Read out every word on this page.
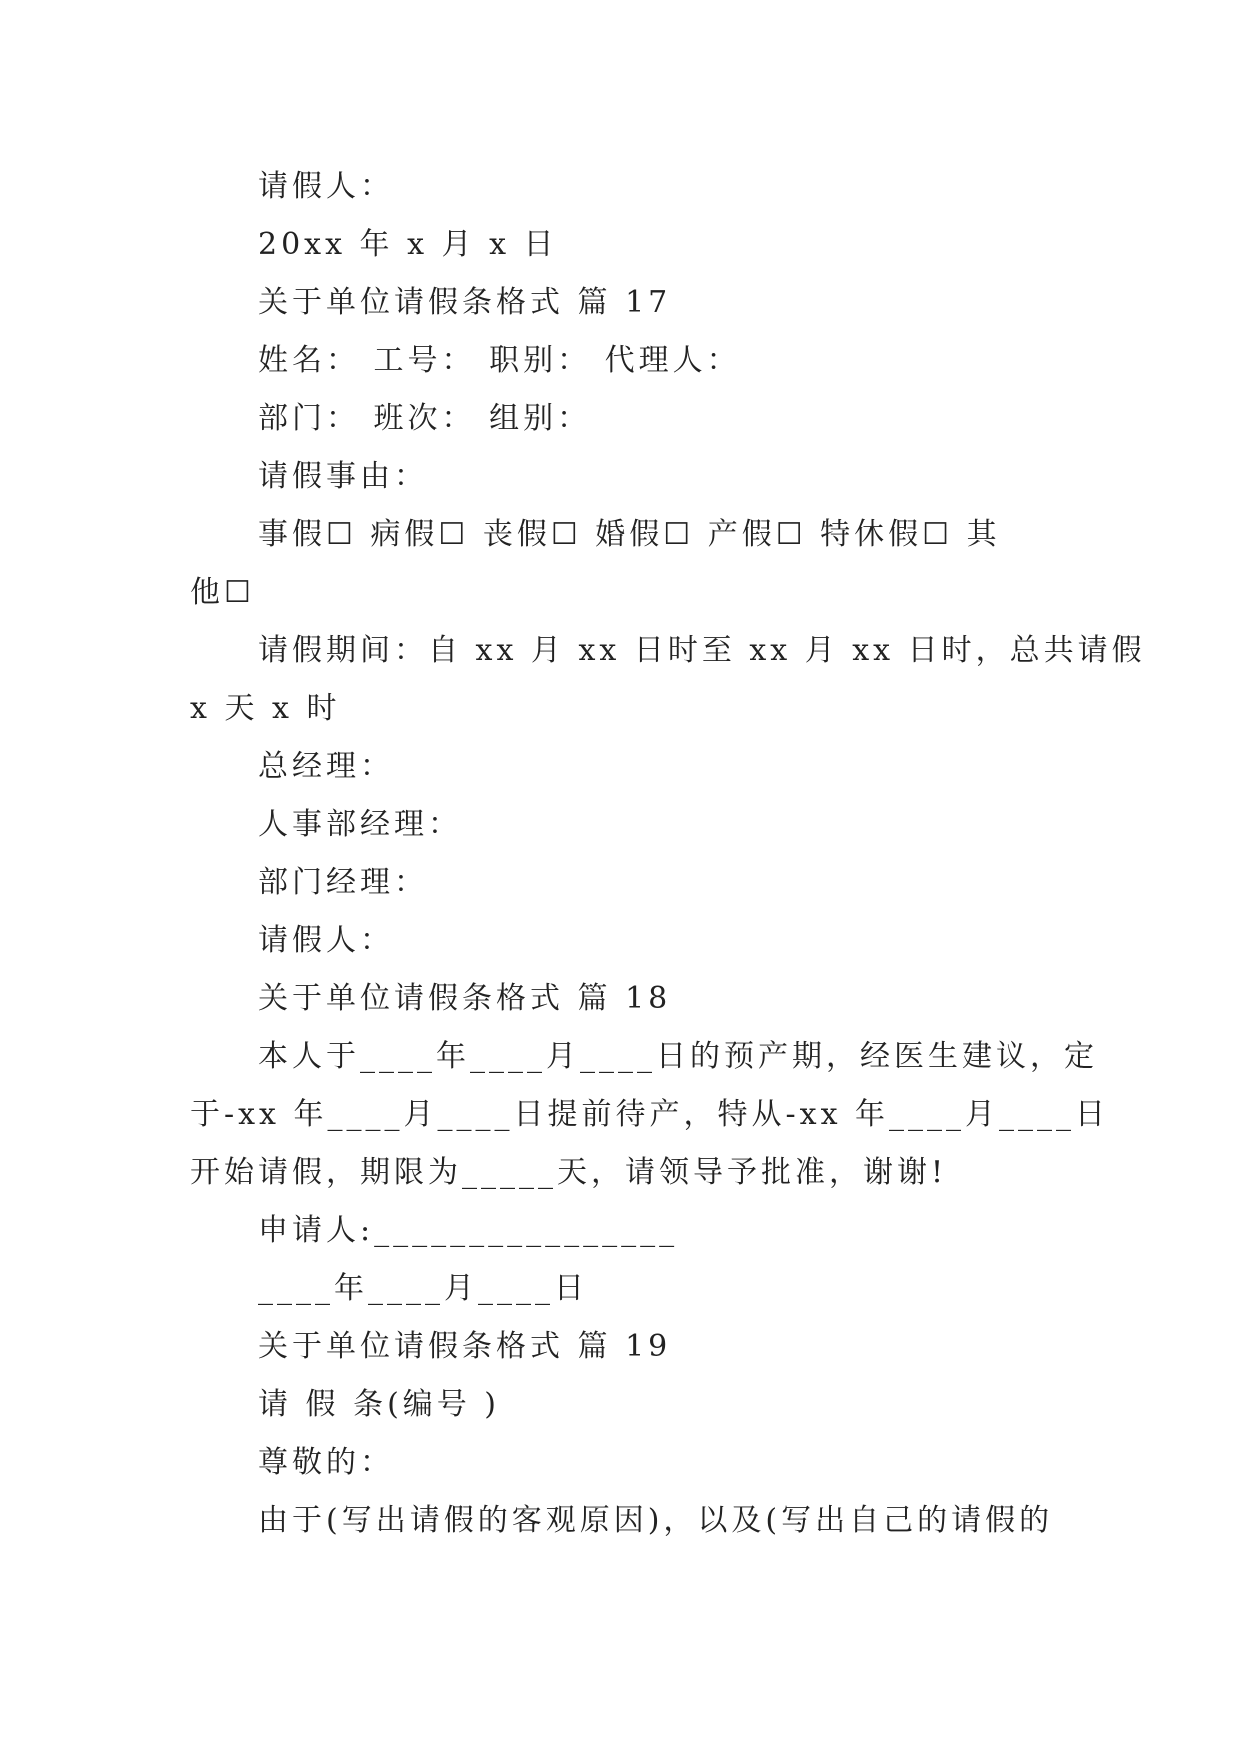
请假人：
20xx 年 x 月 x 日
关于单位请假条格式 篇 17
姓名： 工号： 职别： 代理人：
部门： 班次： 组别：
请假事由：
事假☐ 病假☐ 丧假☐ 婚假☐ 产假☐ 特休假☐ 其
他☐
请假期间：自 xx 月 xx 日时至 xx 月 xx 日时，总共请假
x 天 x 时
总经理：
人事部经理：
部门经理：
请假人：
关于单位请假条格式 篇 18
本人于____年____月____日的预产期，经医生建议，定
于-xx 年____月____日提前待产，特从-xx 年____月____日
开始请假，期限为_____天，请领导予批准，谢谢!
申请人:________________
____年____月____日
关于单位请假条格式 篇 19
请 假 条(编号 )
尊敬的：
由于(写出请假的客观原因)，以及(写出自己的请假的
